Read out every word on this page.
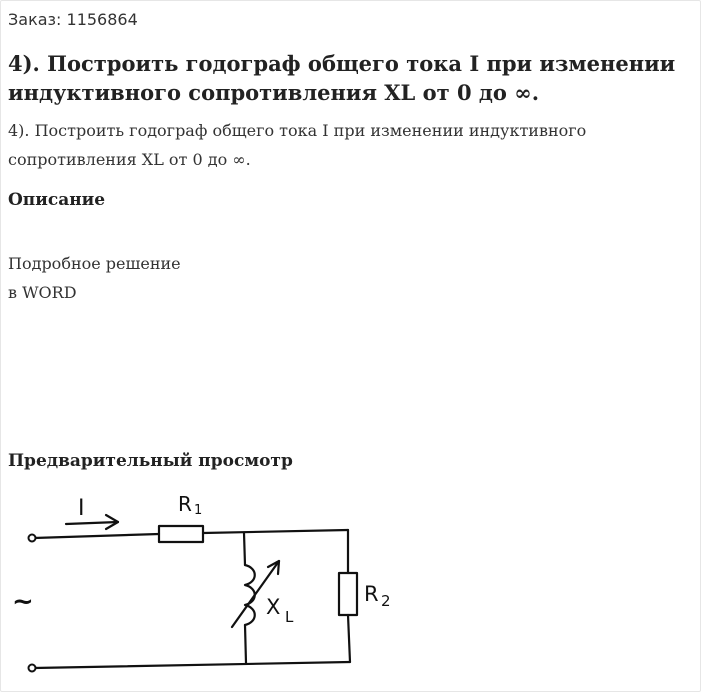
Заказ: 1156864
4). Построить годограф общего тока I при изменении индуктивного сопротивления XL от 0 до ∞.
4). Построить годограф общего тока I при изменении индуктивного сопротивления XL от 0 до ∞.
Описание
Подробное решение
в WORD
Предварительный просмотр
I	R 1
R 2
X L
~
